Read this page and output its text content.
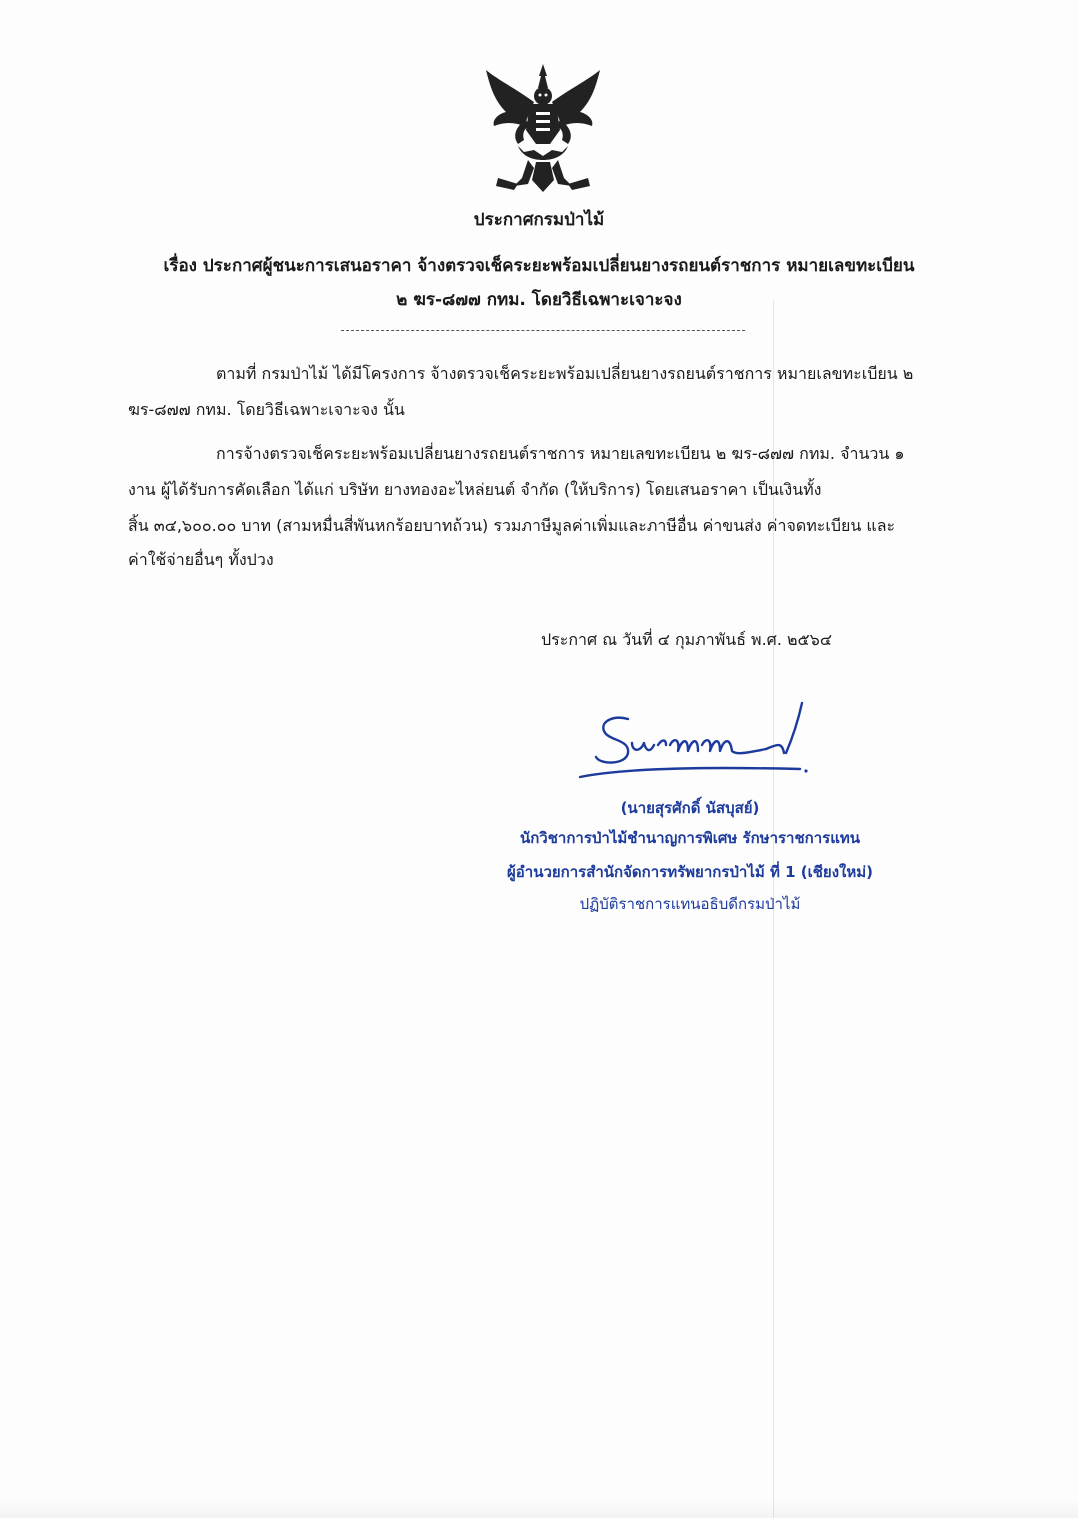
ประกาศกรมป่าไม้
เรื่อง ประกาศผู้ชนะการเสนอราคา จ้างตรวจเช็คระยะพร้อมเปลี่ยนยางรถยนต์ราชการ หมายเลขทะเบียน
๒ ฆร-๘๗๗ กทม. โดยวิธีเฉพาะเจาะจง
ตามที่ กรมป่าไม้ ได้มีโครงการ จ้างตรวจเช็คระยะพร้อมเปลี่ยนยางรถยนต์ราชการ หมายเลขทะเบียน ๒
ฆร-๘๗๗ กทม. โดยวิธีเฉพาะเจาะจง นั้น
การจ้างตรวจเช็คระยะพร้อมเปลี่ยนยางรถยนต์ราชการ หมายเลขทะเบียน ๒ ฆร-๘๗๗ กทม. จำนวน ๑
งาน ผู้ได้รับการคัดเลือก ได้แก่ บริษัท ยางทองอะไหล่ยนต์ จำกัด (ให้บริการ) โดยเสนอราคา เป็นเงินทั้ง
สิ้น ๓๔,๖๐๐.๐๐ บาท (สามหมื่นสี่พันหกร้อยบาทถ้วน) รวมภาษีมูลค่าเพิ่มและภาษีอื่น ค่าขนส่ง ค่าจดทะเบียน และ
ค่าใช้จ่ายอื่นๆ ทั้งปวง
ประกาศ ณ วันที่ ๔ กุมภาพันธ์ พ.ศ. ๒๕๖๔
(นายสุรศักดิ์ นัสบุสย์)
นักวิชาการป่าไม้ชำนาญการพิเศษ รักษาราชการแทน
ผู้อำนวยการสำนักจัดการทรัพยากรป่าไม้ ที่ 1 (เชียงใหม่)
ปฏิบัติราชการแทนอธิบดีกรมป่าไม้
